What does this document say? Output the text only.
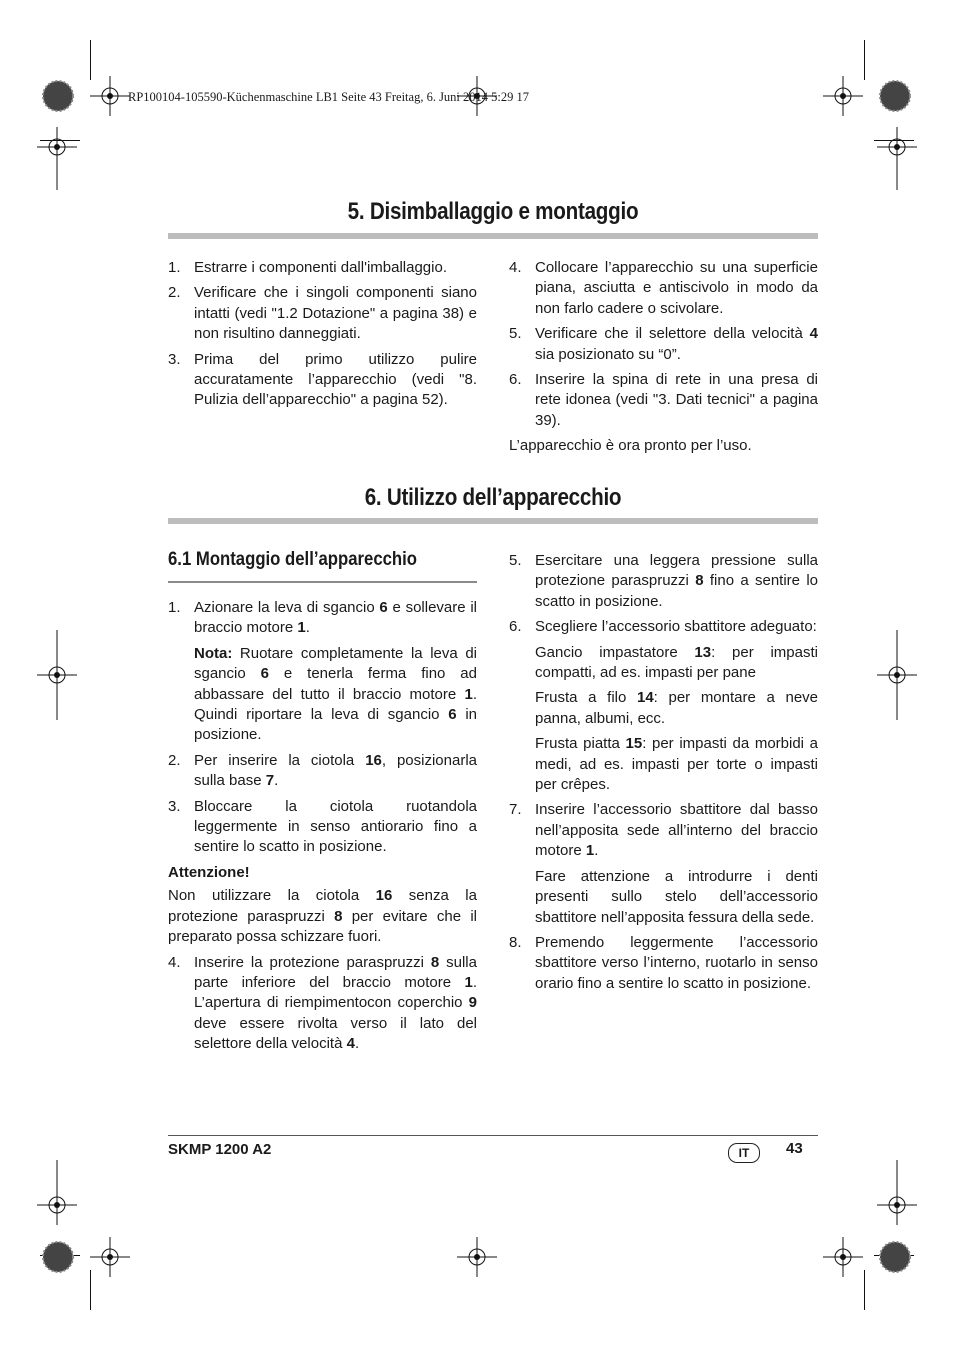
RP100104-105590-Küchenmaschine LB1 Seite 43 Freitag, 6. Juni 2014 5:29 17
5. Disimballaggio e montaggio
1. Estrarre i componenti dall'imballaggio.
2. Verificare che i singoli componenti siano intatti (vedi "1.2 Dotazione" a pagina 38) e non risultino danneggiati.
3. Prima del primo utilizzo pulire accuratamente l’apparecchio (vedi "8. Pulizia dell’apparecchio" a pagina 52).
4. Collocare l’apparecchio su una superficie piana, asciutta e antiscivolo in modo da non farlo cadere o scivolare.
5. Verificare che il selettore della velocità 4 sia posizionato su “0”.
6. Inserire la spina di rete in una presa di rete idonea (vedi "3. Dati tecnici" a pagina 39).
L’apparecchio è ora pronto per l’uso.
6. Utilizzo dell’apparecchio
6.1 Montaggio dell’apparecchio
1. Azionare la leva di sgancio 6 e sollevare il braccio motore 1.
Nota: Ruotare completamente la leva di sgancio 6 e tenerla ferma fino ad abbassare del tutto il braccio motore 1. Quindi riportare la leva di sgancio 6 in posizione.
2. Per inserire la ciotola 16, posizionarla sulla base 7.
3. Bloccare la ciotola ruotandola leggermente in senso antiorario fino a sentire lo scatto in posizione.
Attenzione!
Non utilizzare la ciotola 16 senza la protezione paraspruzzi 8 per evitare che il preparato possa schizzare fuori.
4. Inserire la protezione paraspruzzi 8 sulla parte inferiore del braccio motore 1. L’apertura di riempimentocon coperchio 9 deve essere rivolta verso il lato del selettore della velocità 4.
5. Esercitare una leggera pressione sulla protezione paraspruzzi 8 fino a sentire lo scatto in posizione.
6. Scegliere l’accessorio sbattitore adeguato:
Gancio impastatore 13: per impasti compatti, ad es. impasti per pane
Frusta a filo 14: per montare a neve panna, albumi, ecc.
Frusta piatta 15: per impasti da morbidi a medi, ad es. impasti per torte o impasti per crêpes.
7. Inserire l’accessorio sbattitore dal basso nell’apposita sede all’interno del braccio motore 1.
Fare attenzione a introdurre i denti presenti sullo stelo dell’accessorio sbattitore nell’apposita fessura della sede.
8. Premendo leggermente l’accessorio sbattitore verso l’interno, ruotarlo in senso orario fino a sentire lo scatto in posizione.
SKMP 1200 A2	IT	43
